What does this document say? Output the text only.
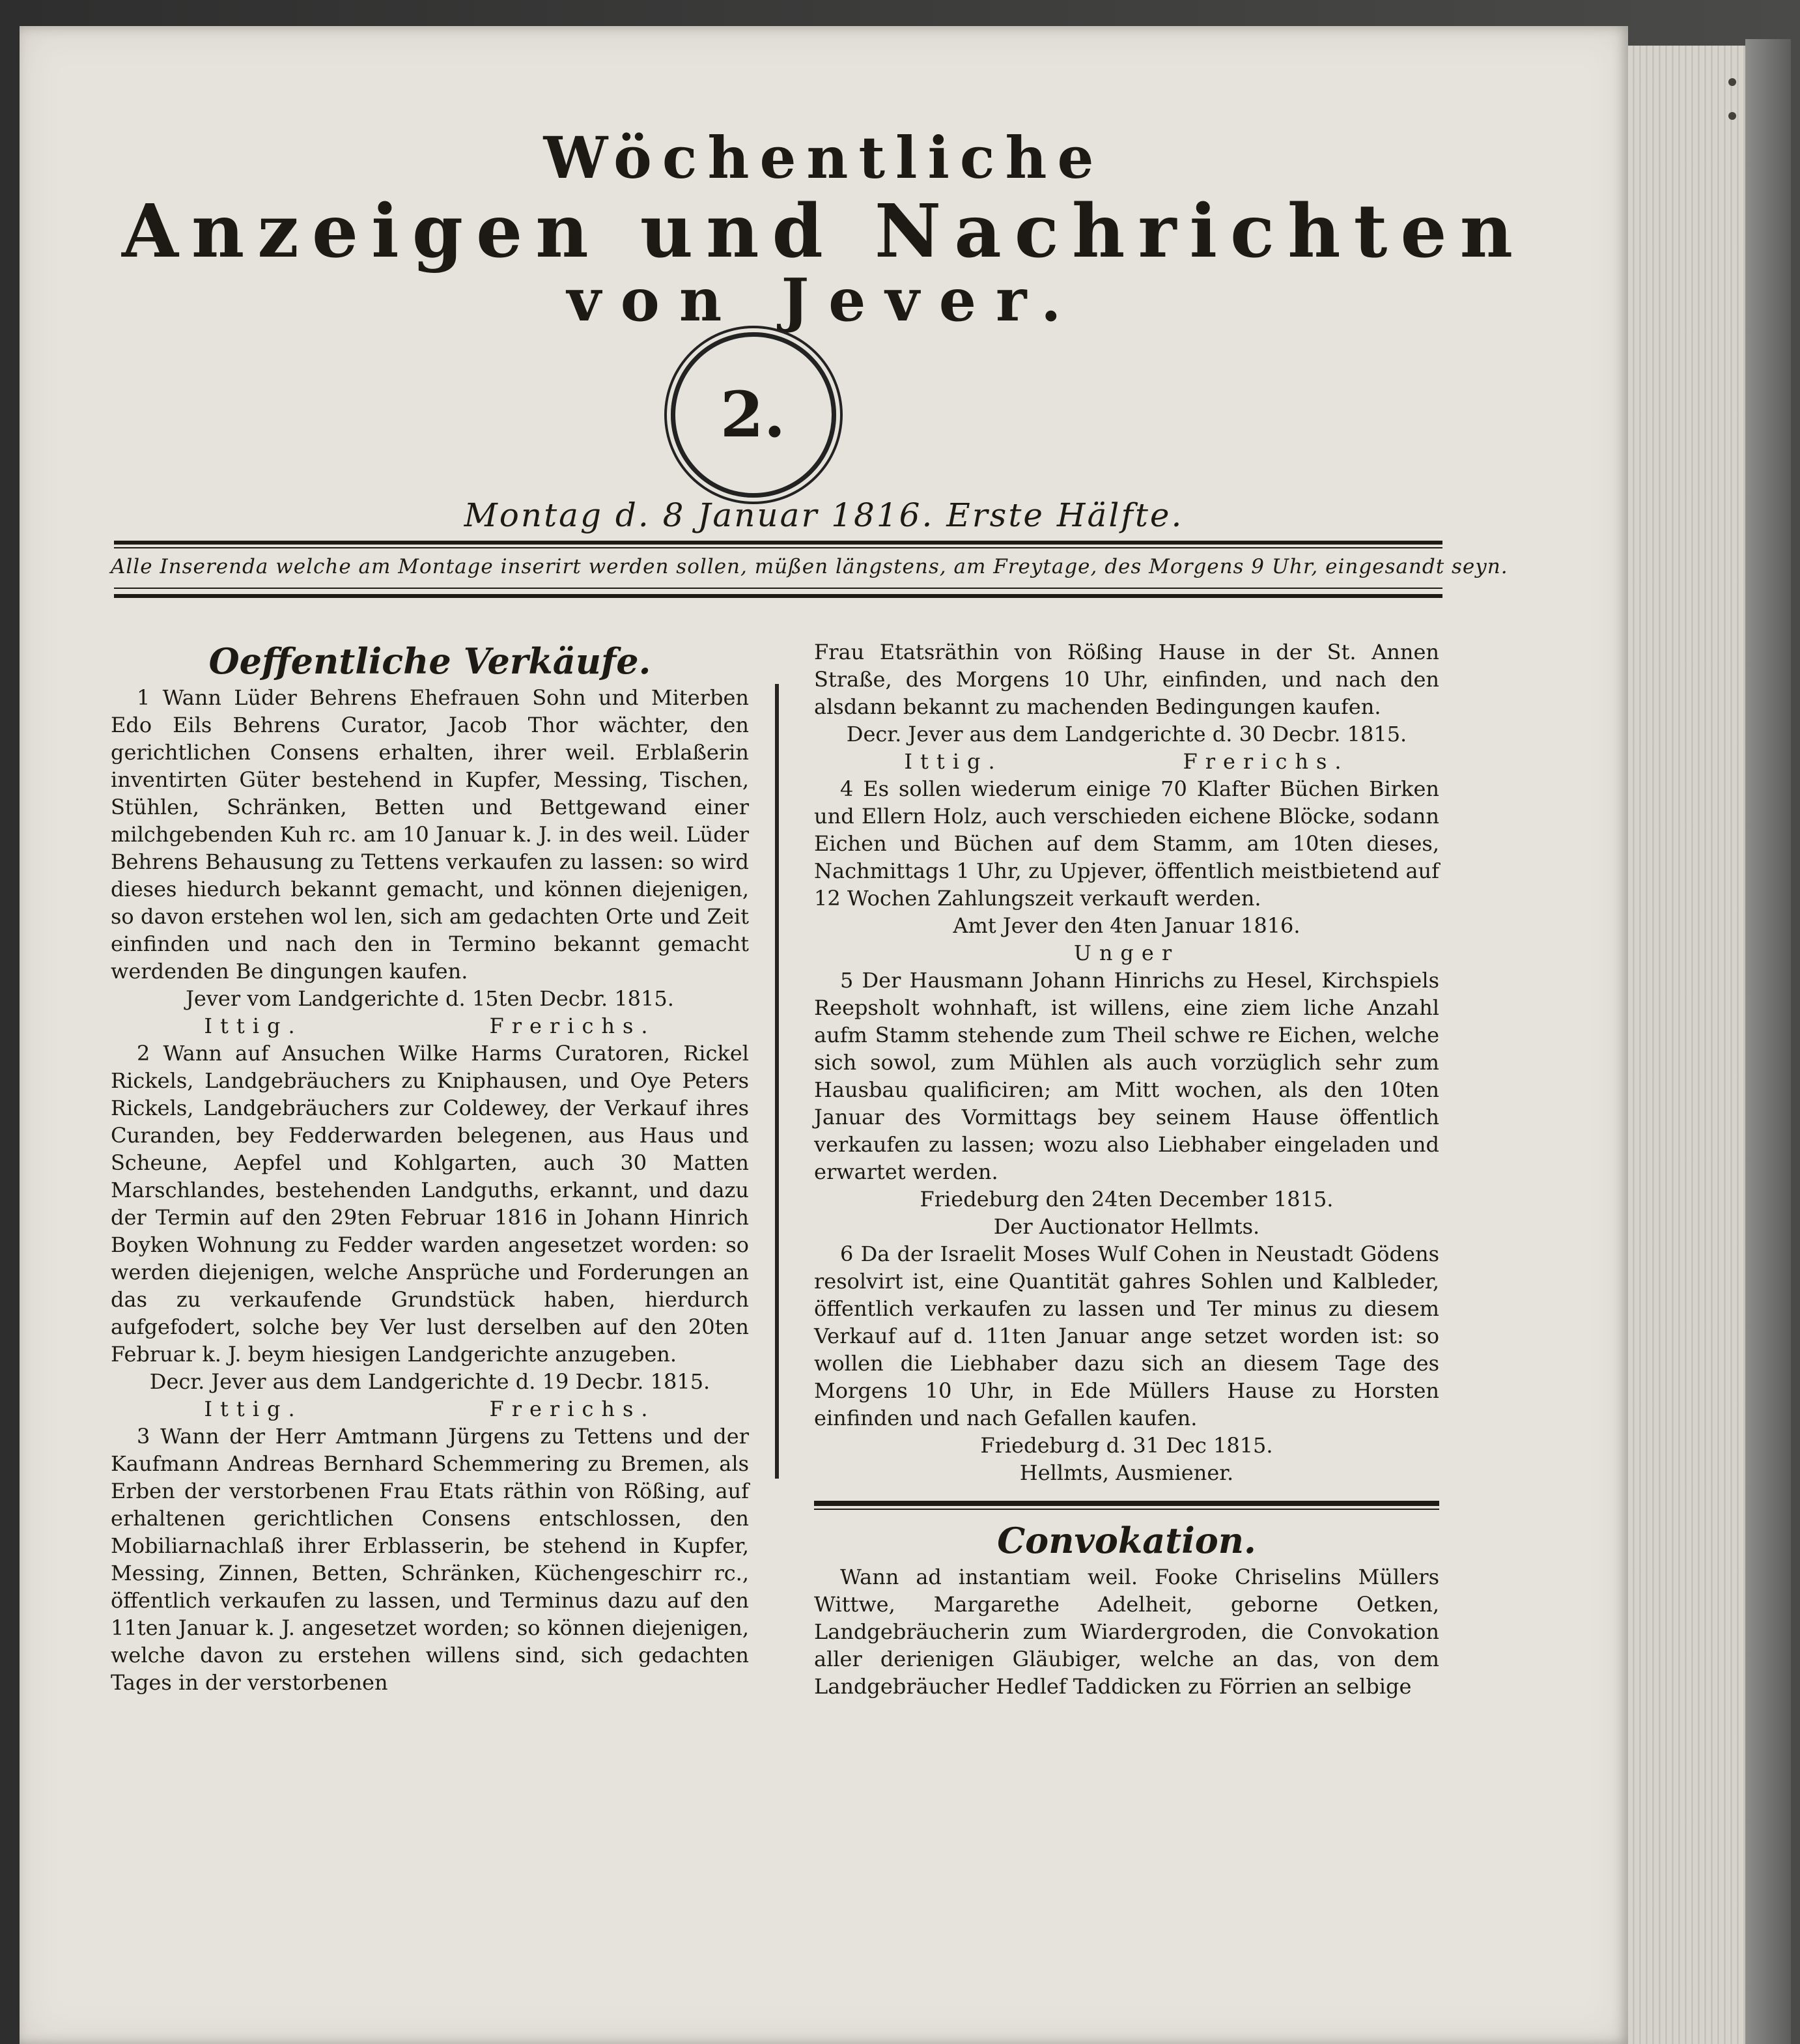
Wöchentliche
Anzeigen und Nachrichten
von Jever.
2.
Montag d. 8 Januar 1816. Erste Hälfte.
Alle Inserenda welche am Montage inserirt werden sollen, müßen längstens, am Freytage, des Morgens 9 Uhr, eingesandt seyn.

Oeffentliche Verkäufe.

1 Wann Lüder Behrens Ehefrauen Sohn und Miterben Edo Eils Behrens Curator, Jacob Thor wächter, den gerichtlichen Consens erhalten, ihrer weil. Erblaßerin inventirten Güter bestehend in Kupfer, Messing, Tischen, Stühlen, Schränken, Betten und Bettgewand einer milchgebenden Kuh rc. am 10 Januar k. J. in des weil. Lüder Behrens Behausung zu Tettens verkaufen zu lassen: so wird dieses hiedurch bekannt gemacht, und können diejenigen, so davon erstehen wol len, sich am gedachten Orte und Zeit einfinden und nach den in Termino bekannt gemacht werdenden Be dingungen kaufen.

Jever vom Landgerichte d. 15ten Decbr. 1815.

Ittig.	Frerichs.

2 Wann auf Ansuchen Wilke Harms Curatoren, Rickel Rickels, Landgebräuchers zu Kniphausen, und Oye Peters Rickels, Landgebräuchers zur Coldewey, der Verkauf ihres Curanden, bey Fedderwarden belegenen, aus Haus und Scheune, Aepfel und Kohlgarten, auch 30 Matten Marschlandes, bestehenden Landguths, erkannt, und dazu der Termin auf den 29ten Februar 1816 in Johann Hinrich Boyken Wohnung zu Fedder warden angesetzet worden: so werden diejenigen, welche Ansprüche und Forderungen an das zu verkaufende Grundstück haben, hierdurch aufgefodert, solche bey Ver lust derselben auf den 20ten Februar k. J. beym hiesigen Landgerichte anzugeben.

Decr. Jever aus dem Landgerichte d. 19 Decbr. 1815.

Ittig.	Frerichs.

3 Wann der Herr Amtmann Jürgens zu Tettens und der Kaufmann Andreas Bernhard Schemmering zu Bremen, als Erben der verstorbenen Frau Etats räthin von Rößing, auf erhaltenen gerichtlichen Consens entschlossen, den Mobiliarnachlaß ihrer Erblasserin, be stehend in Kupfer, Messing, Zinnen, Betten, Schränken, Küchengeschirr rc., öffentlich verkaufen zu lassen, und Terminus dazu auf den 11ten Januar k. J. angesetzet worden; so können diejenigen, welche davon zu erstehen willens sind, sich gedachten Tages in der verstorbenen

Frau Etatsräthin von Rößing Hause in der St. Annen Straße, des Morgens 10 Uhr, einfinden, und nach den alsdann bekannt zu machenden Bedingungen kaufen.

Decr. Jever aus dem Landgerichte d. 30 Decbr. 1815.

Ittig.	Frerichs.

4 Es sollen wiederum einige 70 Klafter Büchen Birken und Ellern Holz, auch verschieden eichene Blöcke, sodann Eichen und Büchen auf dem Stamm, am 10ten dieses, Nachmittags 1 Uhr, zu Upjever, öffentlich meistbietend auf 12 Wochen Zahlungszeit verkauft werden.

Amt Jever den 4ten Januar 1816.

Unger

5 Der Hausmann Johann Hinrichs zu Hesel, Kirchspiels Reepsholt wohnhaft, ist willens, eine ziem liche Anzahl aufm Stamm stehende zum Theil schwe re Eichen, welche sich sowol, zum Mühlen als auch vorzüglich sehr zum Hausbau qualificiren; am Mitt wochen, als den 10ten Januar des Vormittags bey seinem Hause öffentlich verkaufen zu lassen; wozu also Liebhaber eingeladen und erwartet werden.

Friedeburg den 24ten December 1815.

Der Auctionator Hellmts.

6 Da der Israelit Moses Wulf Cohen in Neustadt Gödens resolvirt ist, eine Quantität gahres Sohlen und Kalbleder, öffentlich verkaufen zu lassen und Ter minus zu diesem Verkauf auf d. 11ten Januar ange setzet worden ist: so wollen die Liebhaber dazu sich an diesem Tage des Morgens 10 Uhr, in Ede Müllers Hause zu Horsten einfinden und nach Gefallen kaufen.

Friedeburg d. 31 Dec 1815.

Hellmts, Ausmiener.

Convokation.

Wann ad instantiam weil. Fooke Chriselins Müllers Wittwe, Margarethe Adelheit, geborne Oetken, Landgebräucherin zum Wiardergroden, die Convokation aller derienigen Gläubiger, welche an das, von dem Landgebräucher Hedlef Taddicken zu Förrien an selbige
